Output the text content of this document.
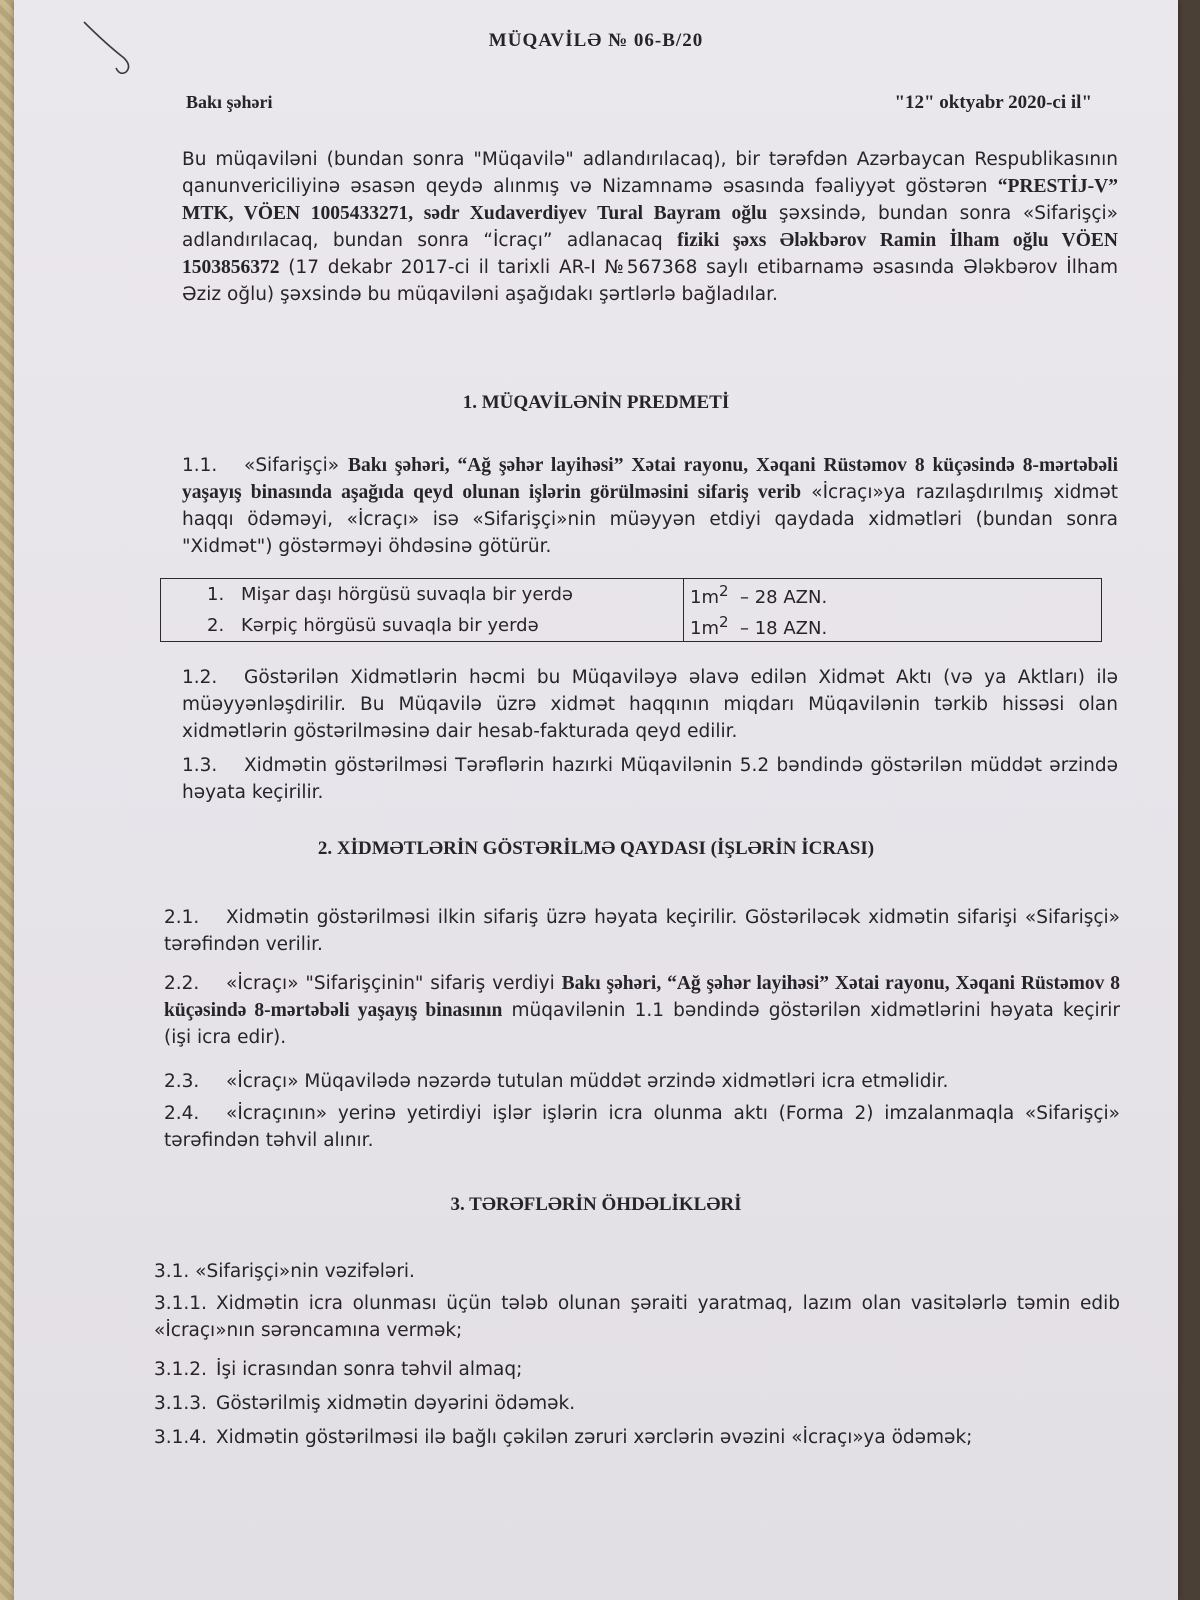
MÜQAVİLƏ № 06-B/20
Bakı şəhəri	"12" oktyabr 2020-ci il"
Bu müqaviləni (bundan sonra "Müqavilə" adlandırılacaq), bir tərəfdən Azərbaycan Respublikasının qanunvericiliyinə əsasən qeydə alınmış və Nizamnamə əsasında fəaliyyət göstərən “PRESTİJ-V” MTK, VÖEN 1005433271, sədr Xudaverdiyev Tural Bayram oğlu şəxsində, bundan sonra «Sifarişçi» adlandırılacaq, bundan sonra “İcraçı” adlanacaq fiziki şəxs Ələkbərov Ramin İlham oğlu VÖEN 1503856372 (17 dekabr 2017-ci il tarixli AR-I №567368 saylı etibarnamə əsasında Ələkbərov İlham Əziz oğlu) şəxsində bu müqaviləni aşağıdakı şərtlərlə bağladılar.
1. MÜQAVİLƏNİN PREDMETİ
1.1. «Sifarişçi» Bakı şəhəri, “Ağ şəhər layihəsi” Xətai rayonu, Xəqani Rüstəmov 8 küçəsində 8-mərtəbəli yaşayış binasında aşağıda qeyd olunan işlərin görülməsini sifariş verib «İcraçı»ya razılaşdırılmış xidmət haqqı ödəməyi, «İcraçı» isə «Sifarişçi»nin müəyyən etdiyi qaydada xidmətləri (bundan sonra "Xidmət") göstərməyi öhdəsinə götürür.
1. Mişar daşı hörgüsü suvaqla bir yerdə	$1m^2 - 28$ AZN.
2. Kərpiç hörgüsü suvaqla bir yerdə	$1m^2 - 18$ AZN.
1.2. Göstərilən Xidmətlərin həcmi bu Müqaviləyə əlavə edilən Xidmət Aktı (və ya Aktları) ilə müəyyənləşdirilir. Bu Müqavilə üzrə xidmət haqqının miqdarı Müqavilənin tərkib hissəsi olan xidmətlərin göstərilməsinə dair hesab-fakturada qeyd edilir.
1.3. Xidmətin göstərilməsi Tərəflərin hazırki Müqavilənin 5.2 bəndində göstərilən müddət ərzində həyata keçirilir.
2. XİDMƏTLƏRİN GÖSTƏRİLMƏ QAYDASI (İŞLƏRİN İCRASI)
2.1. Xidmətin göstərilməsi ilkin sifariş üzrə həyata keçirilir. Göstəriləcək xidmətin sifarişi «Sifarişçi» tərəfindən verilir.
2.2. «İcraçı» "Sifarişçinin" sifariş verdiyi Bakı şəhəri, “Ağ şəhər layihəsi” Xətai rayonu, Xəqani Rüstəmov 8 küçəsində 8-mərtəbəli yaşayış binasının müqavilənin 1.1 bəndində göstərilən xidmətlərini həyata keçirir (işi icra edir).
2.3. «İcraçı» Müqavilədə nəzərdə tutulan müddət ərzində xidmətləri icra etməlidir.
2.4. «İcraçının» yerinə yetirdiyi işlər işlərin icra olunma aktı (Forma 2) imzalanmaqla «Sifarişçi» tərəfindən təhvil alınır.
3. TƏRƏFLƏRİN ÖHDƏLİKLƏRİ
3.1. «Sifarişçi»nin vəzifələri.
3.1.1. Xidmətin icra olunması üçün tələb olunan şəraiti yaratmaq, lazım olan vasitələrlə təmin edib «İcraçı»nın sərəncamına vermək;
3.1.2. İşi icrasından sonra təhvil almaq;
3.1.3. Göstərilmiş xidmətin dəyərini ödəmək.
3.1.4. Xidmətin göstərilməsi ilə bağlı çəkilən zəruri xərclərin əvəzini «İcraçı»ya ödəmək;
